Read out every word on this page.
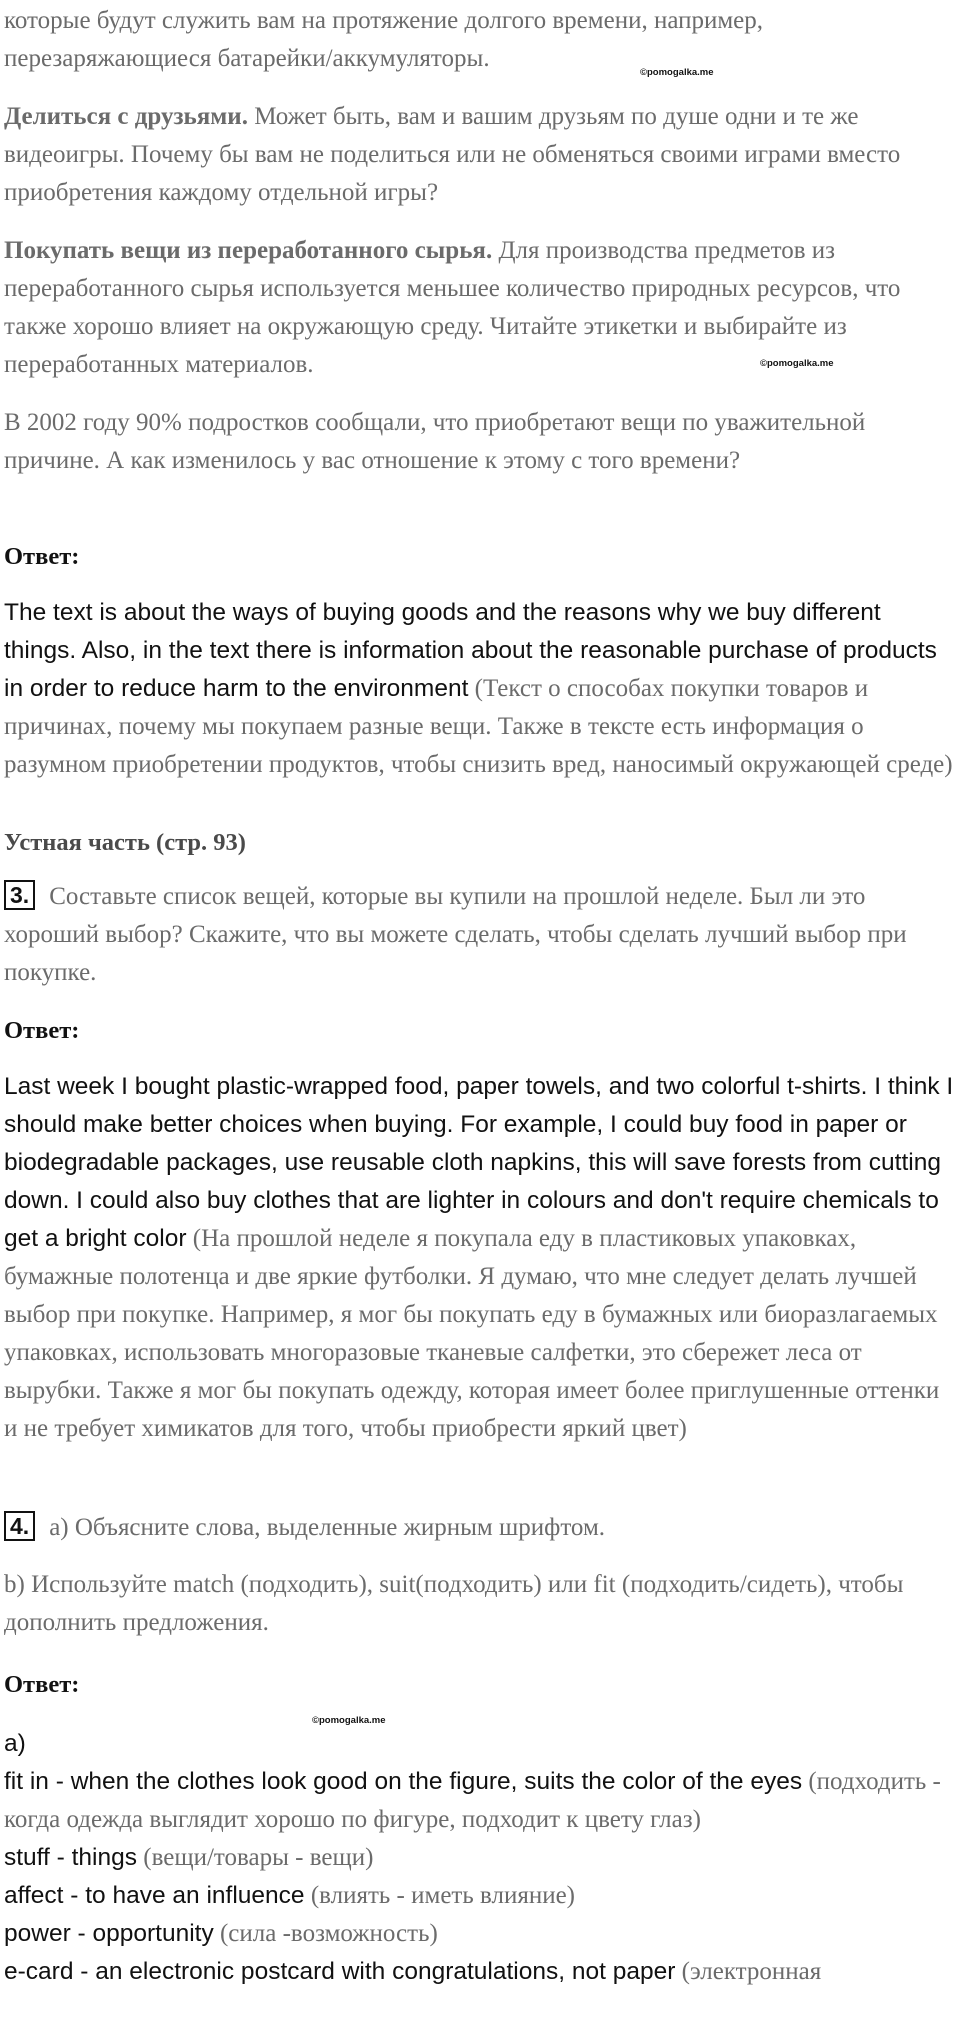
которые будут служить вам на протяжение долгого времени, например, перезаряжающиеся батарейки/аккумуляторы.

©pomogalka.me

Делиться с друзьями. Может быть, вам и вашим друзьям по душе одни и те же видеоигры. Почему бы вам не поделиться или не обменяться своими играми вместо приобретения каждому отдельной игры?

Покупать вещи из переработанного сырья. Для производства предметов из переработанного сырья используется меньшее количество природных ресурсов, что также хорошо влияет на окружающую среду. Читайте этикетки и выбирайте из переработанных материалов.	©pomogalka.me

В 2002 году 90% подростков сообщали, что приобретают вещи по уважительной причине. А как изменилось у вас отношение к этому с того времени?

Ответ:

The text is about the ways of buying goods and the reasons why we buy different things. Also, in the text there is information about the reasonable purchase of products in order to reduce harm to the environment (Текст о способах покупки товаров и причинах, почему мы покупаем разные вещи. Также в тексте есть информация о разумном приобретении продуктов, чтобы снизить вред, наносимый окружающей среде)

Устная часть (стр. 93)

3. Составьте список вещей, которые вы купили на прошлой неделе. Был ли это хороший выбор? Скажите, что вы можете сделать, чтобы сделать лучший выбор при покупке.

Ответ:

Last week I bought plastic-wrapped food, paper towels, and two colorful t-shirts. I think I should make better choices when buying. For example, I could buy food in paper or biodegradable packages, use reusable cloth napkins, this will save forests from cutting down. I could also buy clothes that are lighter in colours and don't require chemicals to get a bright color (На прошлой неделе я покупала еду в пластиковых упаковках, бумажные полотенца и две яркие футболки. Я думаю, что мне следует делать лучшей выбор при покупке. Например, я мог бы покупать еду в бумажных или биоразлагаемых упаковках, использовать многоразовые тканевые салфетки, это сбережет леса от вырубки. Также я мог бы покупать одежду, которая имеет более приглушенные оттенки и не требует химикатов для того, чтобы приобрести яркий цвет)

4. a) Объясните слова, выделенные жирным шрифтом.

b) Используйте match (подходить), suit(подходить) или fit (подходить/сидеть), чтобы дополнить предложения.

Ответ:

©pomogalka.me

a)

fit in - when the clothes look good on the figure, suits the color of the eyes (подходить - когда одежда выглядит хорошо по фигуре, подходит к цвету глаз)

stuff - things (вещи/товары - вещи)

affect - to have an influence (влиять - иметь влияние)

power - opportunity (сила -возможность)

e-card - an electronic postcard with congratulations, not paper (электронная
